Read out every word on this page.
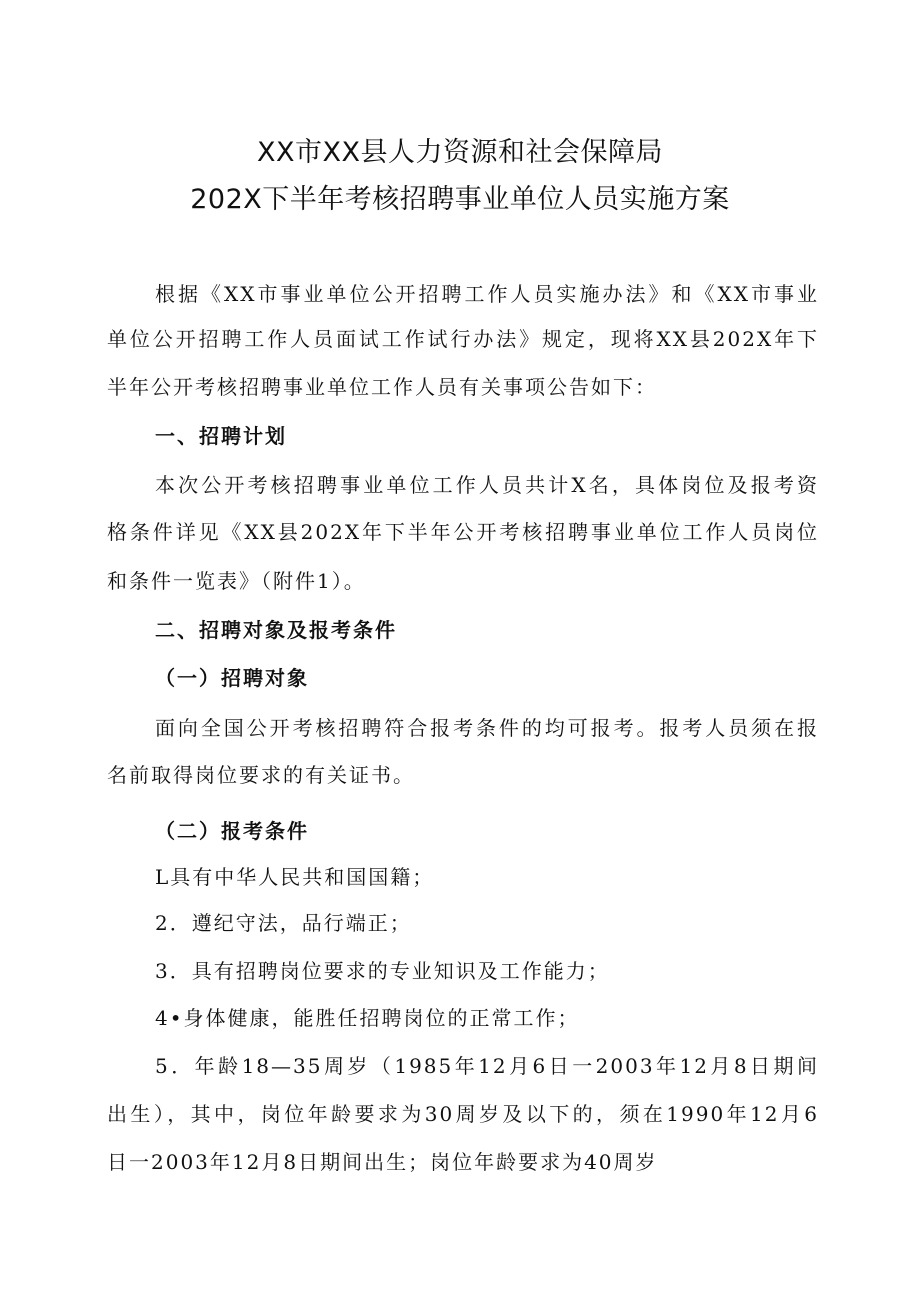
XX市XX县人力资源和社会保障局
202X下半年考核招聘事业单位人员实施方案
根据《XX市事业单位公开招聘工作人员实施办法》和《XX市事业
单位公开招聘工作人员面试工作试行办法》规定，现将XX县202X年下
半年公开考核招聘事业单位工作人员有关事项公告如下：
一、招聘计划
本次公开考核招聘事业单位工作人员共计X名，具体岗位及报考资
格条件详见《XX县202X年下半年公开考核招聘事业单位工作人员岗位
和条件一览表》（附件1）。
二、招聘对象及报考条件
（一）招聘对象
面向全国公开考核招聘符合报考条件的均可报考。报考人员须在报
名前取得岗位要求的有关证书。
（二）报考条件
L具有中华人民共和国国籍；
2．遵纪守法，品行端正；
3．具有招聘岗位要求的专业知识及工作能力；
4•身体健康，能胜任招聘岗位的正常工作；
5．年龄18—35周岁（1985年12月6日一2003年12月8日期间
出生），其中，岗位年龄要求为30周岁及以下的，须在1990年12月6
日一2003年12月8日期间出生；岗位年龄要求为40周岁
